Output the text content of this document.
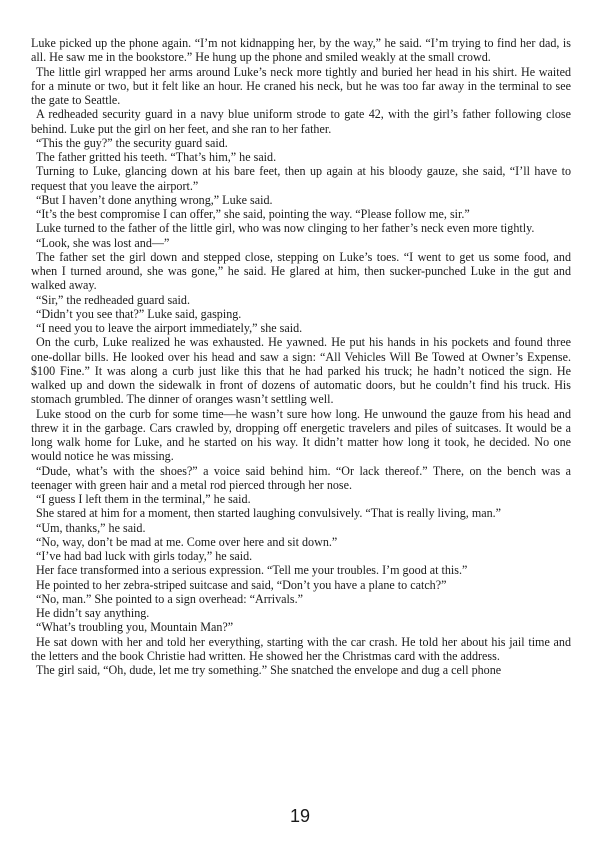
Luke picked up the phone again. “I’m not kidnapping her, by the way,” he said. “I’m trying to find her dad, is all. He saw me in the bookstore.” He hung up the phone and smiled weakly at the small crowd.

The little girl wrapped her arms around Luke’s neck more tightly and buried her head in his shirt. He waited for a minute or two, but it felt like an hour. He craned his neck, but he was too far away in the terminal to see the gate to Seattle.

A redheaded security guard in a navy blue uniform strode to gate 42, with the girl’s father following close behind. Luke put the girl on her feet, and she ran to her father.

“This the guy?” the security guard said.

The father gritted his teeth. “That’s him,” he said.

Turning to Luke, glancing down at his bare feet, then up again at his bloody gauze, she said, “I’ll have to request that you leave the airport.”

“But I haven’t done anything wrong,” Luke said.

“It’s the best compromise I can offer,” she said, pointing the way. “Please follow me, sir.”

Luke turned to the father of the little girl, who was now clinging to her father’s neck even more tightly.

“Look, she was lost and—”

The father set the girl down and stepped close, stepping on Luke’s toes. “I went to get us some food, and when I turned around, she was gone,” he said. He glared at him, then sucker-punched Luke in the gut and walked away.

“Sir,” the redheaded guard said.

“Didn’t you see that?” Luke said, gasping.

“I need you to leave the airport immediately,” she said.

On the curb, Luke realized he was exhausted. He yawned. He put his hands in his pockets and found three one-dollar bills. He looked over his head and saw a sign: “All Vehicles Will Be Towed at Owner’s Expense. $100 Fine.” It was along a curb just like this that he had parked his truck; he hadn’t noticed the sign. He walked up and down the sidewalk in front of dozens of automatic doors, but he couldn’t find his truck. His stomach grumbled. The dinner of oranges wasn’t settling well.

Luke stood on the curb for some time—he wasn’t sure how long. He unwound the gauze from his head and threw it in the garbage. Cars crawled by, dropping off energetic travelers and piles of suitcases. It would be a long walk home for Luke, and he started on his way. It didn’t matter how long it took, he decided. No one would notice he was missing.

“Dude, what’s with the shoes?” a voice said behind him. “Or lack thereof.” There, on the bench was a teenager with green hair and a metal rod pierced through her nose.

“I guess I left them in the terminal,” he said.

She stared at him for a moment, then started laughing convulsively. “That is really living, man.”

“Um, thanks,” he said.

“No, way, don’t be mad at me. Come over here and sit down.”

“I’ve had bad luck with girls today,” he said.

Her face transformed into a serious expression. “Tell me your troubles. I’m good at this.”

He pointed to her zebra-striped suitcase and said, “Don’t you have a plane to catch?”

“No, man.” She pointed to a sign overhead: “Arrivals.”

He didn’t say anything.

“What’s troubling you, Mountain Man?”

He sat down with her and told her everything, starting with the car crash. He told her about his jail time and the letters and the book Christie had written. He showed her the Christmas card with the address.

The girl said, “Oh, dude, let me try something.” She snatched the envelope and dug a cell phone

19
